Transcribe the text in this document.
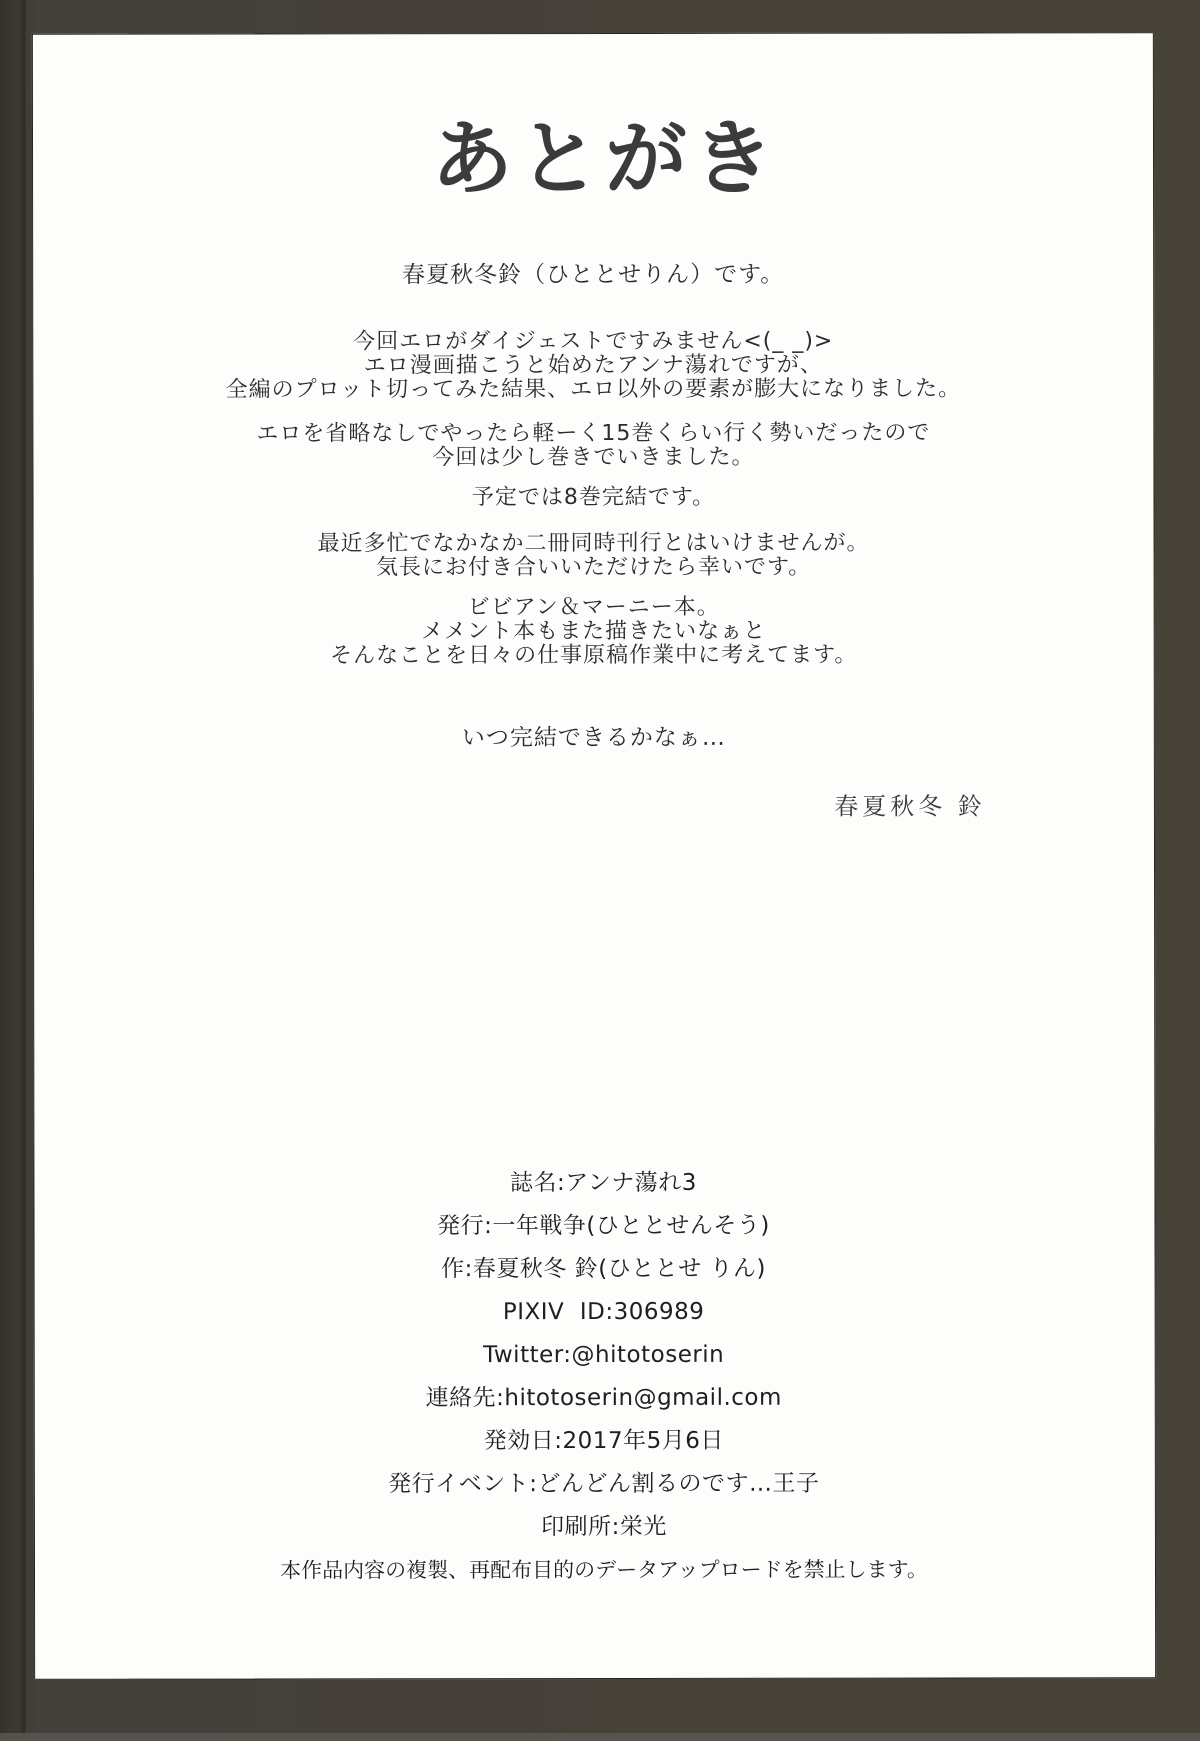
あとがき
春夏秋冬鈴（ひととせりん）です。
今回エロがダイジェストですみません<(_ _)>
エロ漫画描こうと始めたアンナ蕩れですが、
全編のプロット切ってみた結果、エロ以外の要素が膨大になりました。
エロを省略なしでやったら軽ーく15巻くらい行く勢いだったので
今回は少し巻きでいきました。
予定では8巻完結です。
最近多忙でなかなか二冊同時刊行とはいけませんが。
気長にお付き合いいただけたら幸いです。
ビビアン＆マーニー本。
メメント本もまた描きたいなぁと
そんなことを日々の仕事原稿作業中に考えてます。
いつ完結できるかなぁ…
春夏秋冬 鈴
誌名:アンナ蕩れ3
発行:一年戦争(ひととせんそう)
作:春夏秋冬 鈴(ひととせ りん)
PIXIV  ID:306989
Twitter:@hitotoserin
連絡先:hitotoserin@gmail.com
発効日:2017年5月6日
発行イベント:どんどん割るのです…王子
印刷所:栄光
本作品内容の複製、再配布目的のデータアップロードを禁止します。
